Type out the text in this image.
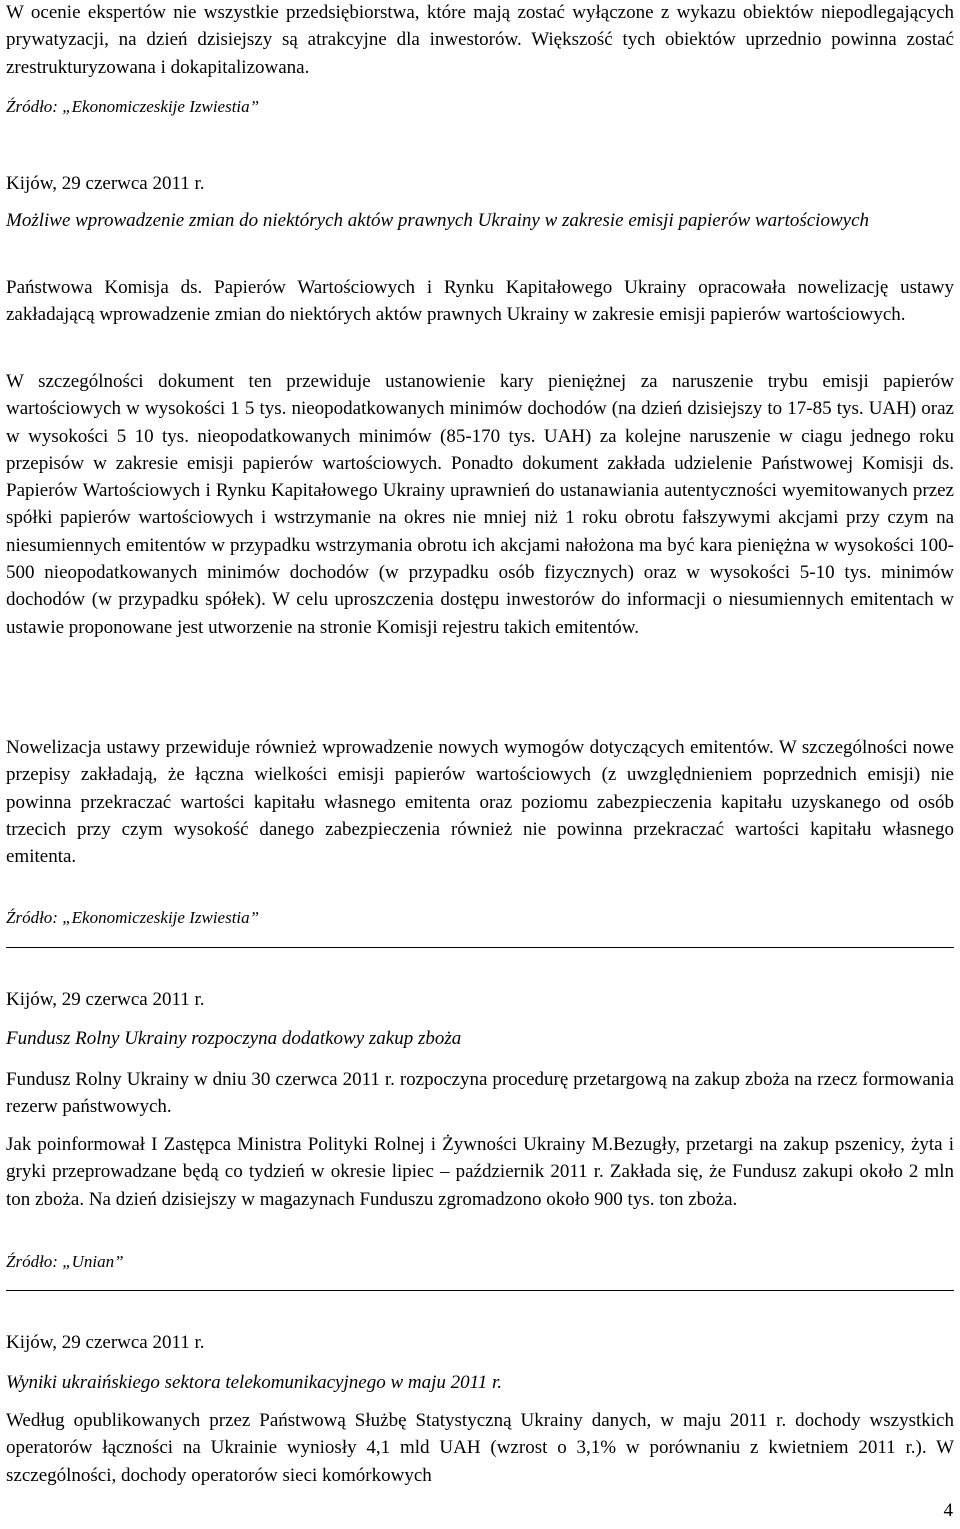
W ocenie ekspertów nie wszystkie przedsiębiorstwa, które mają zostać wyłączone z wykazu obiektów niepodlegających prywatyzacji, na dzień dzisiejszy są atrakcyjne dla inwestorów. Większość tych obiektów uprzednio powinna zostać zrestrukturyzowana i dokapitalizowana.

Źródło: „Ekonomiczeskije Izwiestia”

Kijów, 29 czerwca 2011 r.

Możliwe wprowadzenie zmian do niektórych aktów prawnych Ukrainy w zakresie emisji papierów wartościowych

Państwowa Komisja ds. Papierów Wartościowych i Rynku Kapitałowego Ukrainy opracowała nowelizację ustawy zakładającą wprowadzenie zmian do niektórych aktów prawnych Ukrainy w zakresie emisji papierów wartościowych.

W szczególności dokument ten przewiduje ustanowienie kary pieniężnej za naruszenie trybu emisji papierów wartościowych w wysokości 1 5 tys. nieopodatkowanych minimów dochodów (na dzień dzisiejszy to 17-85 tys. UAH) oraz w wysokości 5 10 tys. nieopodatkowanych minimów (85-170 tys. UAH) za kolejne naruszenie w ciagu jednego roku przepisów w zakresie emisji papierów wartościowych. Ponadto dokument zakłada udzielenie Państwowej Komisji ds. Papierów Wartościowych i Rynku Kapitałowego Ukrainy uprawnień do ustanawiania autentyczności wyemitowanych przez spółki papierów wartościowych i wstrzymanie na okres nie mniej niż 1 roku obrotu fałszywymi akcjami przy czym na niesumiennych emitentów w przypadku wstrzymania obrotu ich akcjami nałożona ma być kara pieniężna w wysokości 100-500 nieopodatkowanych minimów dochodów (w przypadku osób fizycznych) oraz w wysokości 5-10 tys. minimów dochodów (w przypadku spółek). W celu uproszczenia dostępu inwestorów do informacji o niesumiennych emitentach w ustawie proponowane jest utworzenie na stronie Komisji rejestru takich emitentów.

Nowelizacja ustawy przewiduje również wprowadzenie nowych wymogów dotyczących emitentów. W szczególności nowe przepisy zakładają, że łączna wielkości emisji papierów wartościowych (z uwzględnieniem poprzednich emisji) nie powinna przekraczać wartości kapitału własnego emitenta oraz poziomu zabezpieczenia kapitału uzyskanego od osób trzecich przy czym wysokość danego zabezpieczenia również nie powinna przekraczać wartości kapitału własnego emitenta.

Źródło: „Ekonomiczeskije Izwiestia”

Kijów, 29 czerwca 2011 r.

Fundusz Rolny Ukrainy rozpoczyna dodatkowy zakup zboża

Fundusz Rolny Ukrainy w dniu 30 czerwca 2011 r. rozpoczyna procedurę przetargową na zakup zboża na rzecz formowania rezerw państwowych.

Jak poinformował I Zastępca Ministra Polityki Rolnej i Żywności Ukrainy M.Bezugły, przetargi na zakup pszenicy, żyta i gryki przeprowadzane będą co tydzień w okresie lipiec – październik 2011 r. Zakłada się, że Fundusz zakupi około 2 mln ton zboża. Na dzień dzisiejszy w magazynach Funduszu zgromadzono około 900 tys. ton zboża.

Źródło: „Unian”

Kijów, 29 czerwca 2011 r.

Wyniki ukraińskiego sektora telekomunikacyjnego w maju 2011 r.

Według opublikowanych przez Państwową Służbę Statystyczną Ukrainy danych, w maju 2011 r. dochody wszystkich operatorów łączności na Ukrainie wyniosły 4,1 mld UAH (wzrost o 3,1% w porównaniu z kwietniem 2011 r.). W szczególności, dochody operatorów sieci komórkowych

4
